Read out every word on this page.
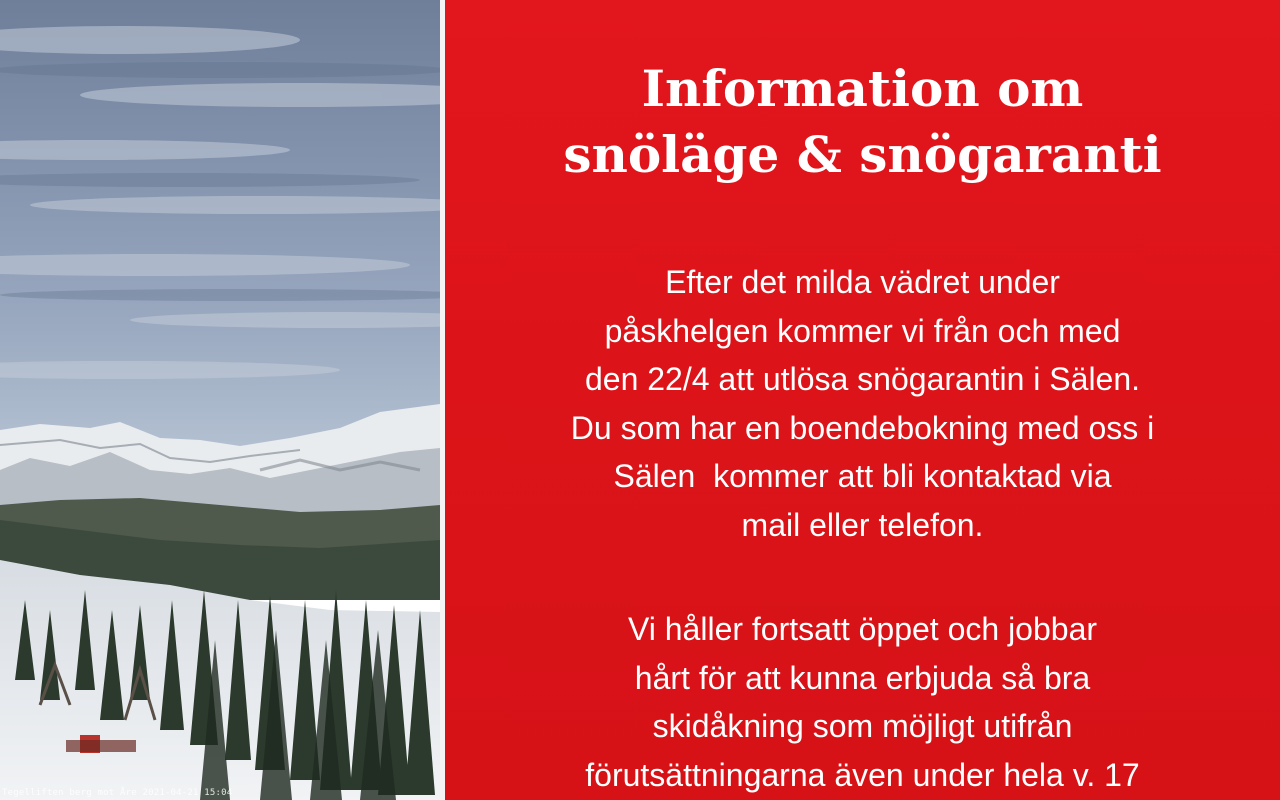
Tegelliften berg mot Åre 2021-04-21 15:04
Information om
snöläge & snögaranti

Efter det milda vädret under
påskhelgen kommer vi från och med
den 22/4 att utlösa snögarantin i Sälen.
Du som har en boendebokning med oss i
Sälen  kommer att bli kontaktad via
mail eller telefon.

Vi håller fortsatt öppet och jobbar
hårt för att kunna erbjuda så bra
skidåkning som möjligt utifrån
förutsättningarna även under hela v. 17
